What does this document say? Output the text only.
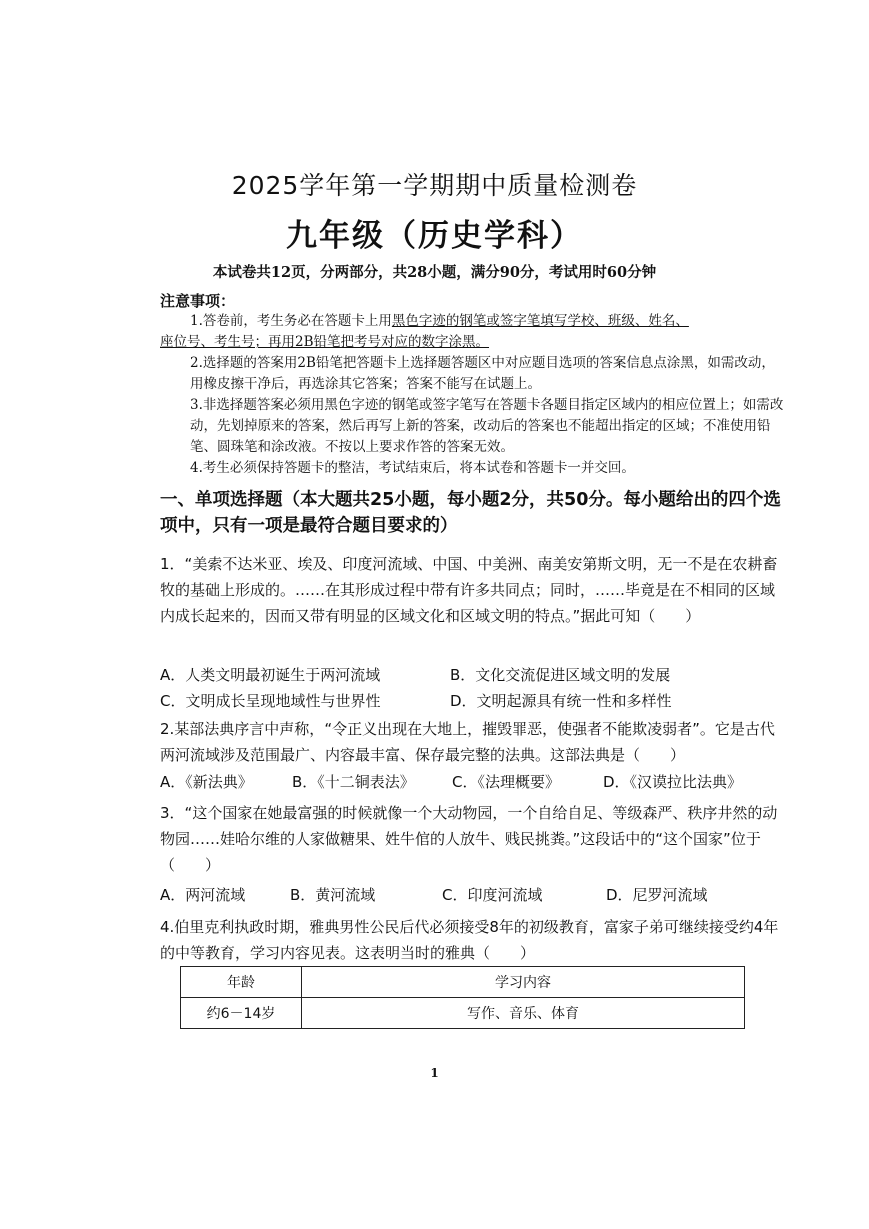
2025学年第一学期期中质量检测卷
九年级（历史学科）
本试卷共12页，分两部分，共28小题，满分90分，考试用时60分钟
注意事项：
1.答卷前，考生务必在答题卡上用黑色字迹的钢笔或签字笔填写学校、班级、姓名、
座位号、考生号；再用2B铅笔把考号对应的数字涂黑。
2.选择题的答案用2B铅笔把答题卡上选择题答题区中对应题目选项的答案信息点涂黑，如需改动，用橡皮擦干净后，再选涂其它答案；答案不能写在试题上。
3.非选择题答案必须用黑色字迹的钢笔或签字笔写在答题卡各题目指定区域内的相应位置上；如需改动，先划掉原来的答案，然后再写上新的答案，改动后的答案也不能超出指定的区域；不准使用铅笔、圆珠笔和涂改液。不按以上要求作答的答案无效。
4.考生必须保持答题卡的整洁，考试结束后，将本试卷和答题卡一并交回。
一、单项选择题（本大题共25小题，每小题2分，共50分。每小题给出的四个选项中，只有一项是最符合题目要求的）
1．“美索不达米亚、埃及、印度河流域、中国、中美洲、南美安第斯文明，无一不是在农耕畜牧的基础上形成的。……在其形成过程中带有许多共同点；同时，……毕竟是在不相同的区域内成长起来的，因而又带有明显的区域文化和区域文明的特点。”据此可知（　　）
A．人类文明最初诞生于两河流域	B．文化交流促进区域文明的发展
C．文明成长呈现地域性与世界性	D．文明起源具有统一性和多样性
2.某部法典序言中声称，“令正义出现在大地上，摧毁罪恶，使强者不能欺凌弱者”。它是古代两河流域涉及范围最广、内容最丰富、保存最完整的法典。这部法典是（　　）
A．《新法典》	B．《十二铜表法》 C．《法理概要》	D．《汉谟拉比法典》
3．“这个国家在她最富强的时候就像一个大动物园，一个自给自足、等级森严、秩序井然的动物园……娃哈尔维的人家做糖果、姓牛倌的人放牛、贱民挑粪。”这段话中的“这个国家”位于（　　）
A．两河流域	B．黄河流域	C．印度河流域	D．尼罗河流域
4.伯里克利执政时期，雅典男性公民后代必须接受8年的初级教育，富家子弟可继续接受约4年的中等教育，学习内容见表。这表明当时的雅典（　　）
年龄	学习内容
约6－14岁	写作、音乐、体育
1
